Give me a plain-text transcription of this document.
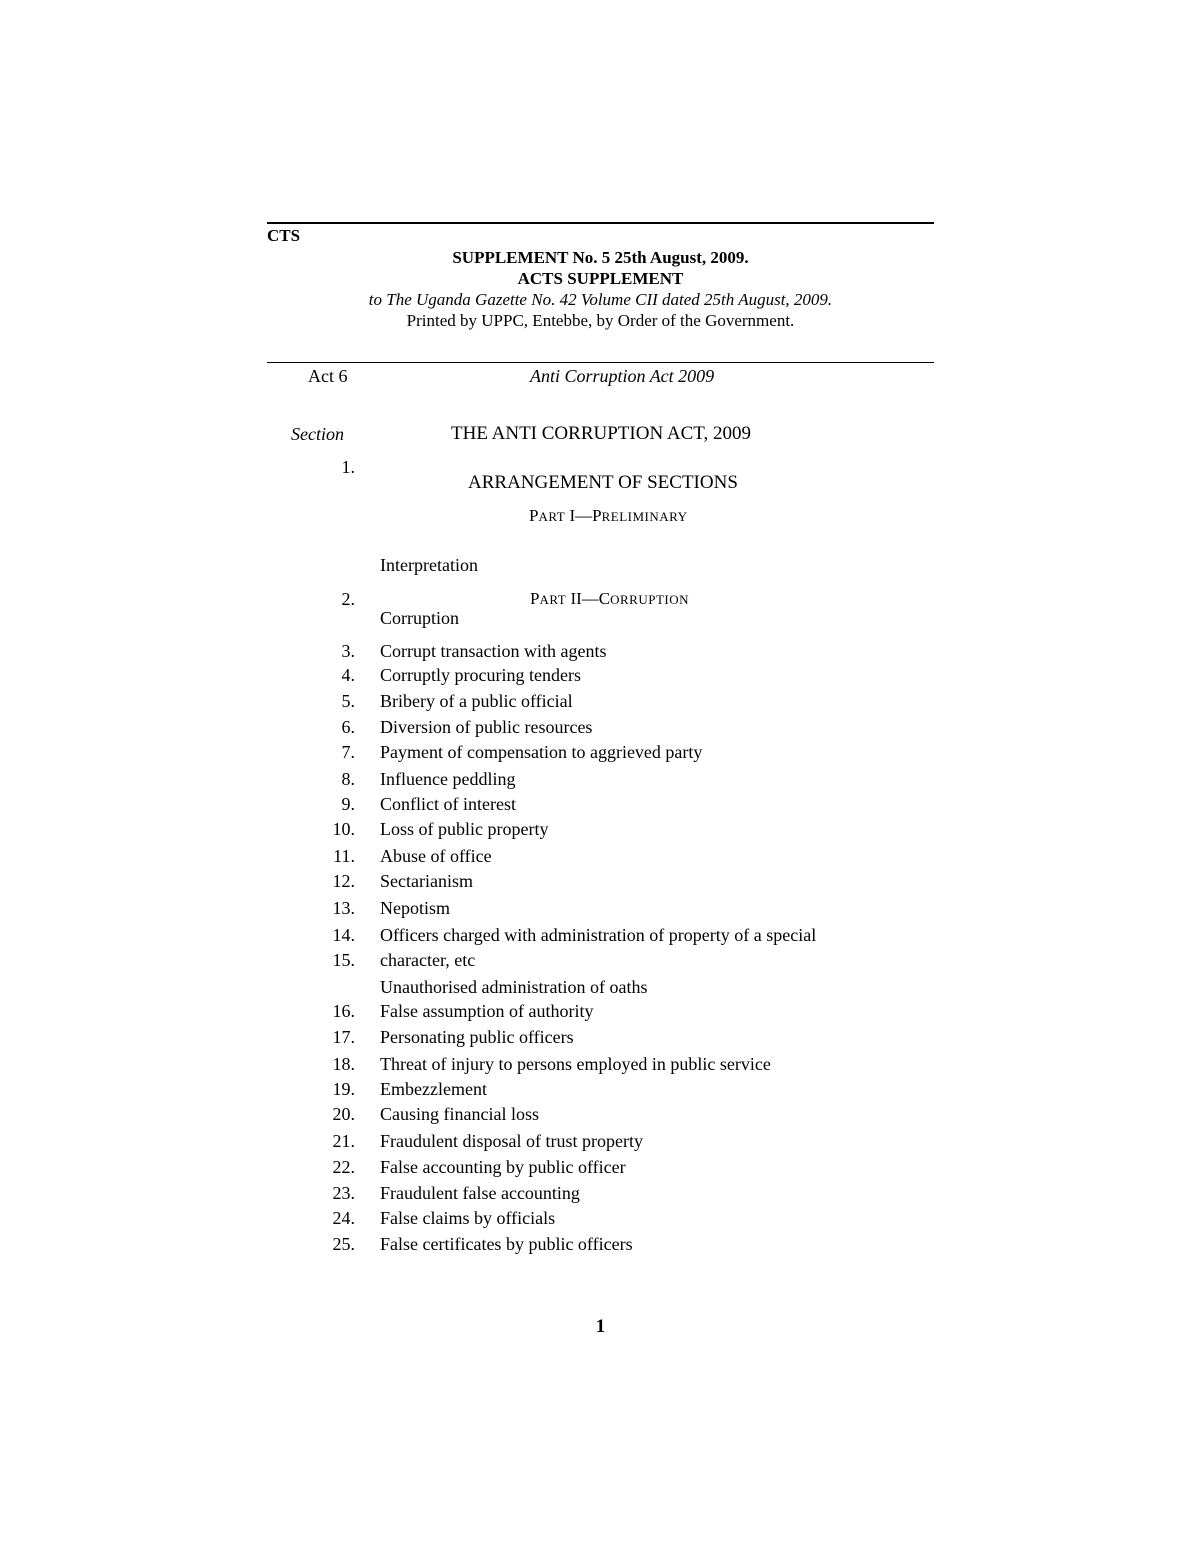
CTS
SUPPLEMENT No. 5 25th August, 2009.
ACTS SUPPLEMENT
to The Uganda Gazette No. 42 Volume CII dated 25th August, 2009.
Printed by UPPC, Entebbe, by Order of the Government.
Act 6	Anti Corruption Act 2009
Section	THE ANTI CORRUPTION ACT, 2009
ARRANGEMENT OF SECTIONS
PART I—PRELIMINARY
PART II—CORRUPTION
1.
2.
3.
4.
5.
6.
7.
8.
9.
10.
11.
12.
13.
14.
15.
16.
17.
18.
19.
20.
21.
22.
23.
24.
25.
Interpretation
Corruption
Corrupt transaction with agents
Corruptly procuring tenders
Bribery of a public official
Diversion of public resources
Payment of compensation to aggrieved party
Influence peddling
Conflict of interest
Loss of public property
Abuse of office
Sectarianism
Nepotism
Officers charged with administration of property of a special
character, etc
Unauthorised administration of oaths
False assumption of authority
Personating public officers
Threat of injury to persons employed in public service
Embezzlement
Causing financial loss
Fraudulent disposal of trust property
False accounting by public officer
Fraudulent false accounting
False claims by officials
False certificates by public officers
1
